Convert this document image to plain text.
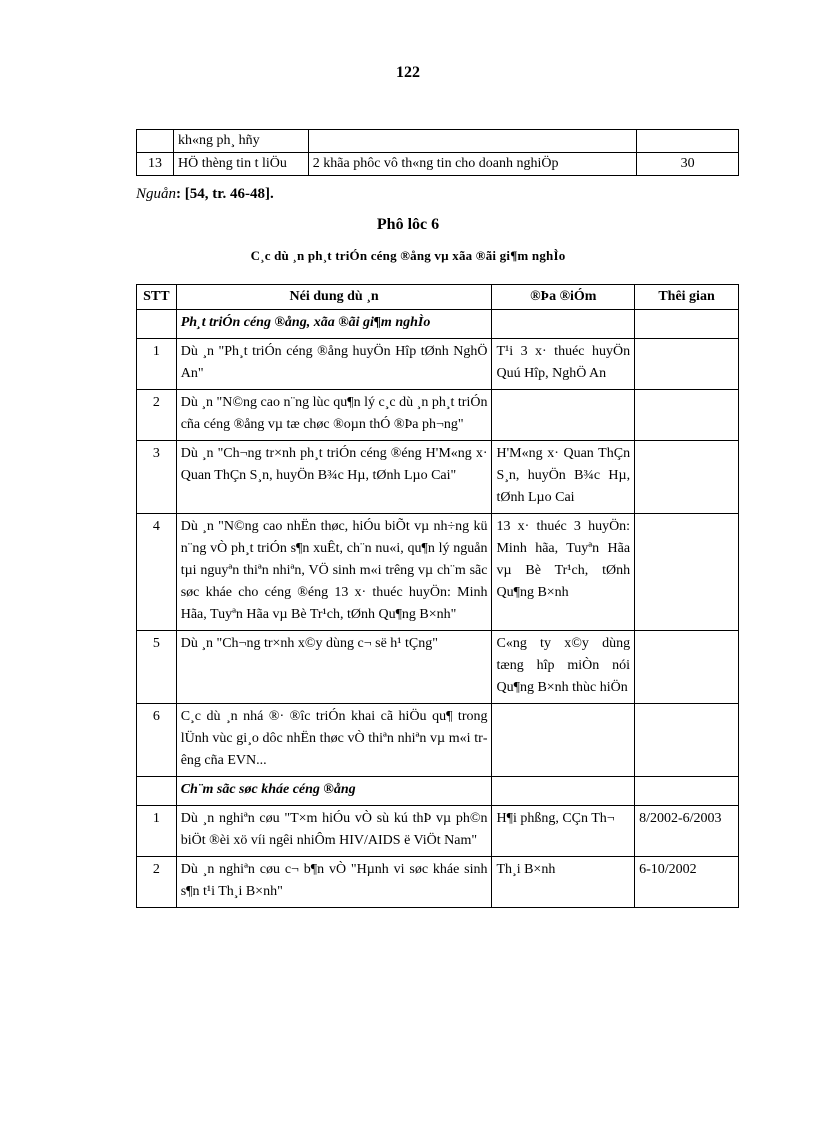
122
	kh«ng ph¸ hñy		
13	HÖ thèng tin t liÖu	2 khãa phôc vô th«ng tin cho doanh nghiÖp	30
Nguån: [54, tr. 46-48].
Phô lôc 6
C¸c dù ¸n ph¸t triÓn céng ®ång vµ xãa ®ãi gi¶m nghÌo
STT	Néi dung dù ¸n	®Þa ®iÓm	Thêi gian
	Ph¸t triÓn céng ®ång, xãa ®ãi gi¶m nghÌo		
1	Dù ¸n "Ph¸t triÓn céng ®ång huyÖn Hîp tØnh NghÖ An"	T¹i 3 x· thuéc huyÖn Quú Hîp, NghÖ An	
2	Dù ¸n "N©ng cao n¨ng lùc qu¶n lý c¸c dù ¸n ph¸t triÓn cña céng ®ång vµ tæ chøc ®oµn thÓ ®Þa ph¬ng"		
3	Dù ¸n "Ch¬ng tr×nh ph¸t triÓn céng ®éng H'M«ng x· Quan ThÇn S¸n, huyÖn B¾c Hµ, tØnh Lµo Cai"	H'M«ng x· Quan ThÇn S¸n, huyÖn B¾c Hµ, tØnh Lµo Cai	
4	Dù ¸n "N©ng cao nhËn thøc, hiÓu biÕt vµ nh÷ng kü n¨ng vÒ ph¸t triÓn s¶n xuÊt, ch¨n nu«i, qu¶n lý nguån tµi nguyªn thiªn nhiªn, VÖ sinh m«i trêng vµ ch¨m sãc søc kháe cho céng ®éng 13 x· thuéc huyÖn: Minh Hãa, Tuyªn Hãa vµ Bè Tr¹ch, tØnh Qu¶ng B×nh"	13 x· thuéc 3 huyÖn: Minh hãa, Tuyªn Hãa vµ Bè Tr¹ch, tØnh Qu¶ng B×nh	
5	Dù ¸n "Ch¬ng tr×nh x©y dùng c¬ së h¹ tÇng"	C«ng ty x©y dùng tæng hîp miÒn nói Qu¶ng B×nh thùc hiÖn	
6	C¸c dù ¸n nhá ®· ®îc triÓn khai cã hiÖu qu¶ trong lÜnh vùc gi¸o dôc nhËn thøc vÒ thiªn nhiªn vµ m«i trêng cña EVN...		
	Ch¨m sãc søc kháe céng ®ång		
1	Dù ¸n nghiªn cøu "T×m hiÓu vÒ sù kú thÞ vµ ph©n biÖt ®èi xö víi ngêi nhiÔm HIV/AIDS ë ViÖt Nam"	H¶i phßng, CÇn Th¬	8/2002-6/2003
2	Dù ¸n nghiªn cøu c¬ b¶n vÒ "Hµnh vi søc kháe sinh s¶n t¹i Th¸i B×nh"	Th¸i B×nh	6-10/2002
